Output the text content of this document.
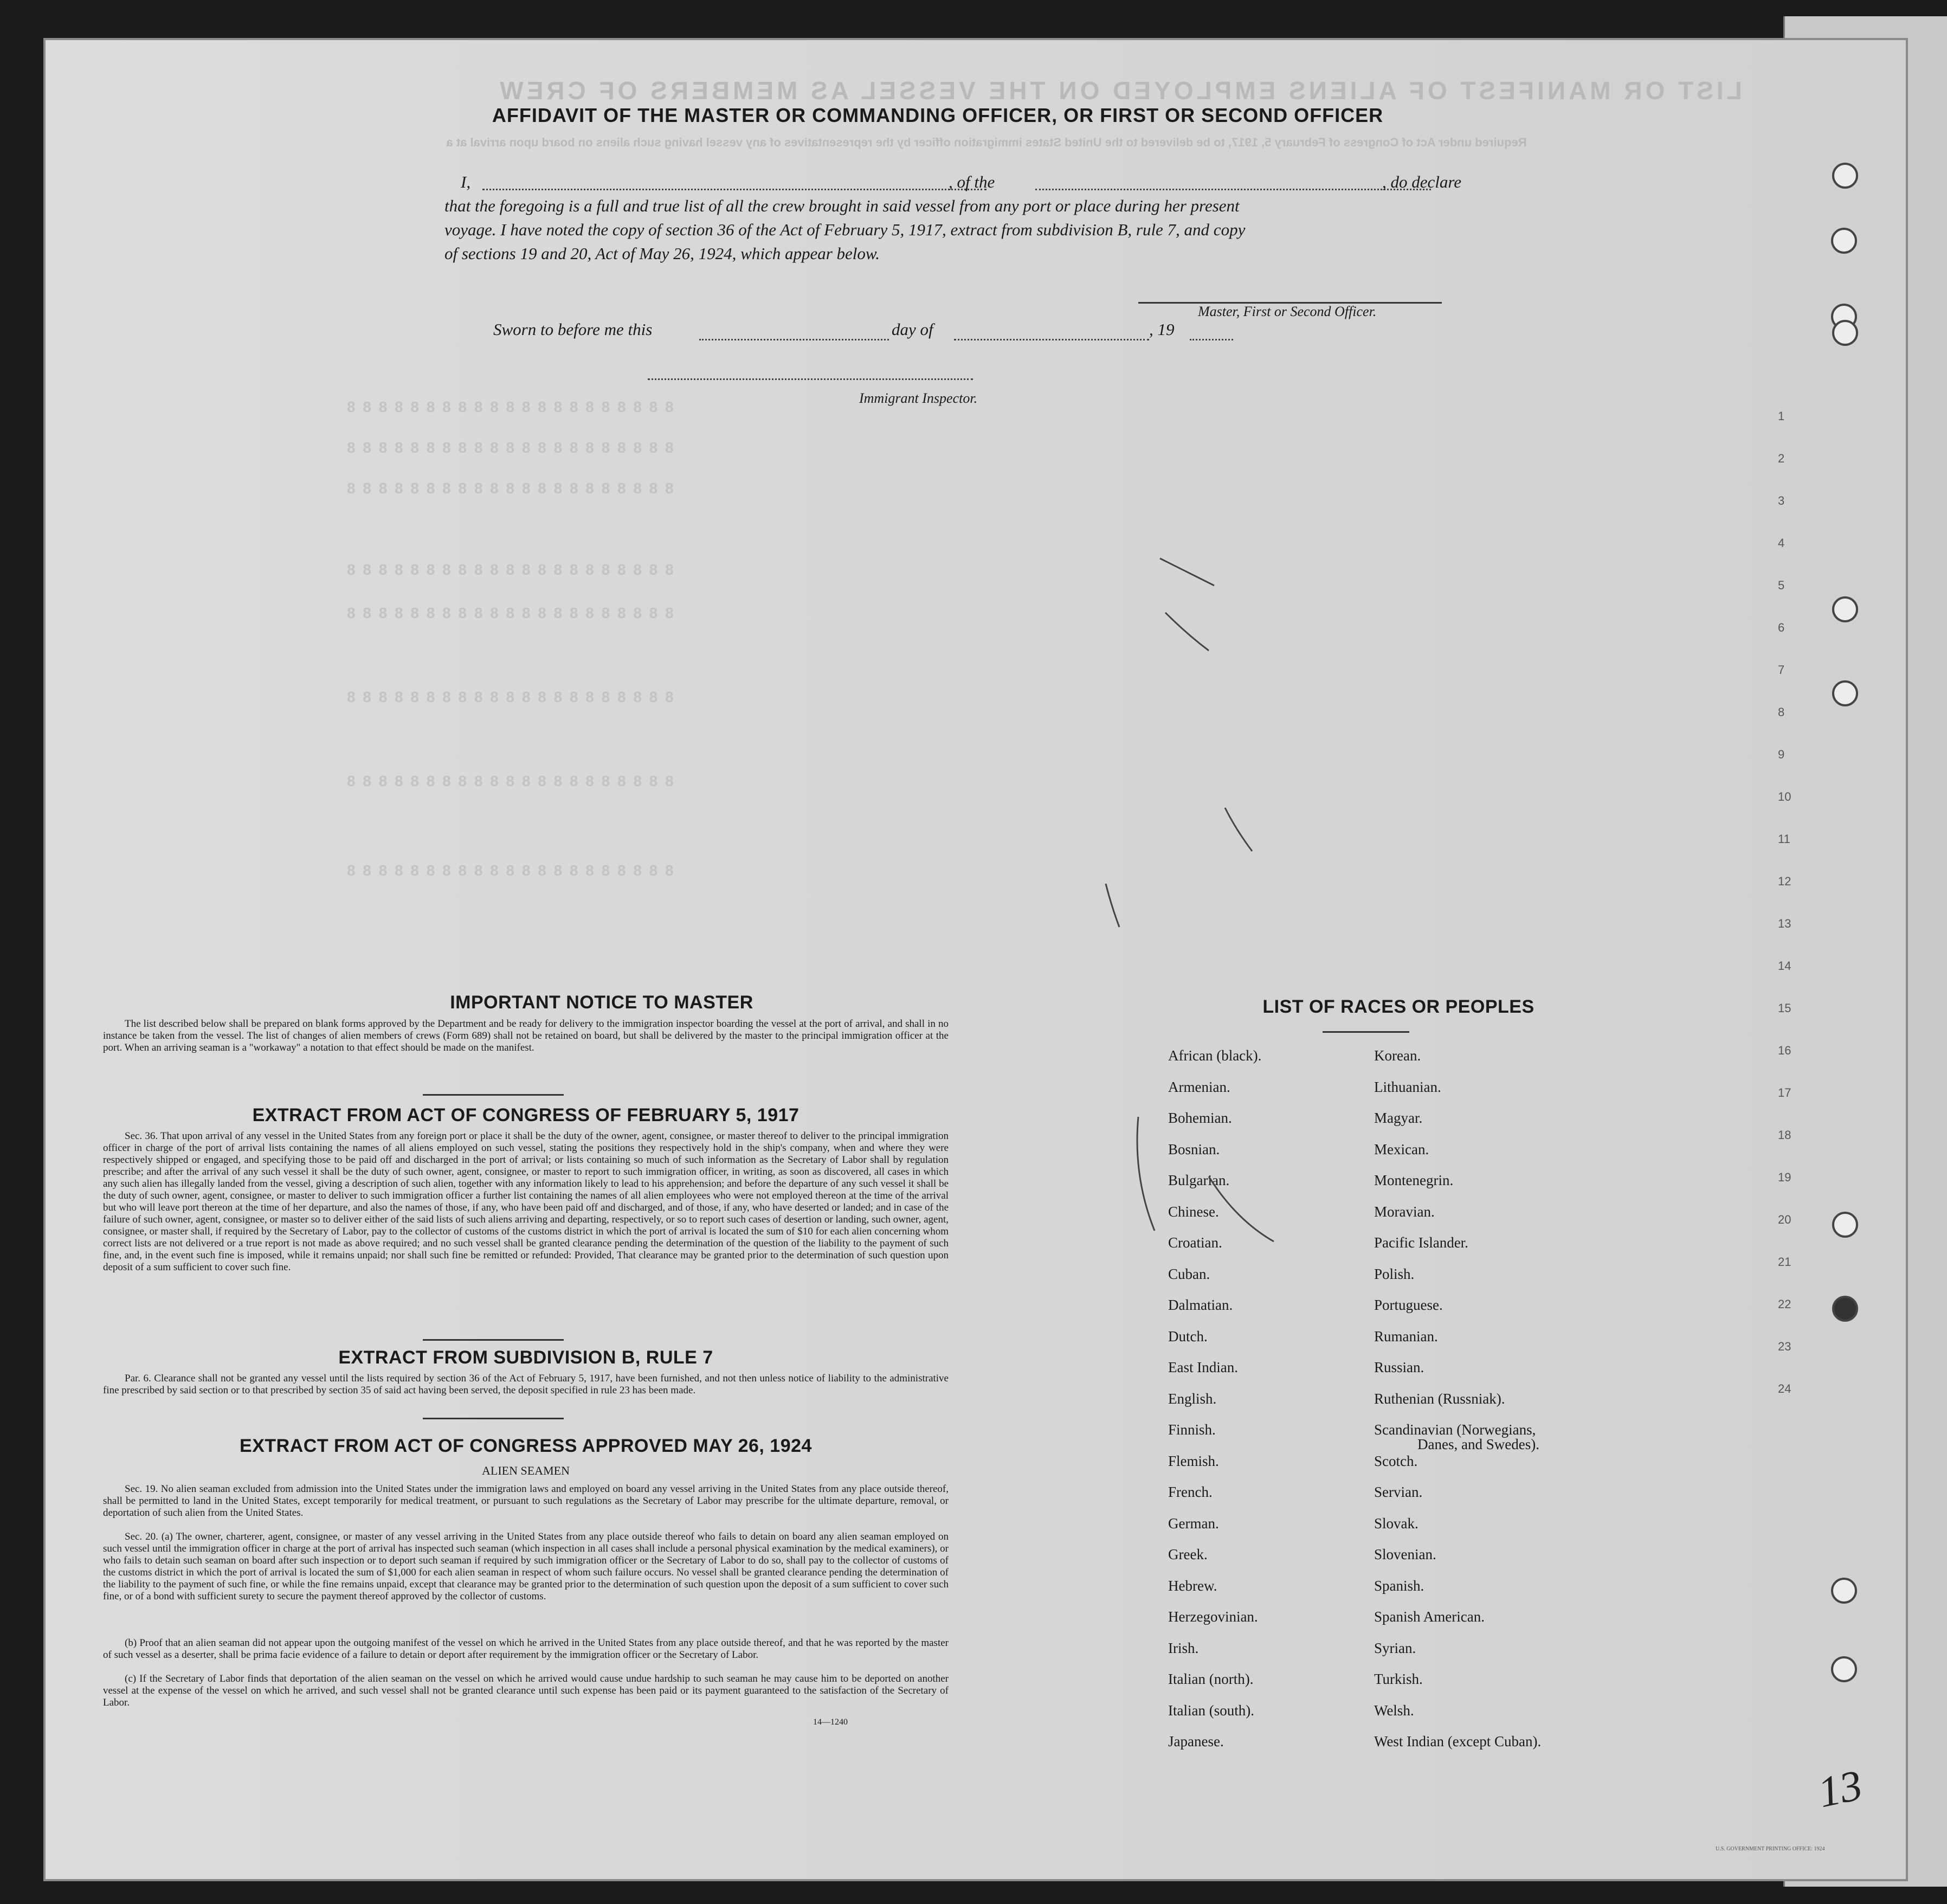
LIST OR MANIFEST OF ALIENS EMPLOYED ON THE VESSEL AS MEMBERS OF CREW
Required under Act of Congress of February 5, 1917, to be delivered to the United States immigration officer by the representatives of any vessel having such aliens on board upon arrival at a
AFFIDAVIT OF THE MASTER OR COMMANDING OFFICER, OR FIRST OR SECOND OFFICER
I,	, of the	, do declare
that the foregoing is a full and true list of all the crew brought in said vessel from any port or place during her present
voyage. I have noted the copy of section 36 of the Act of February 5, 1917, extract from subdivision B, rule 7, and copy
of sections 19 and 20, Act of May 26, 1924, which appear below.
Master, First or Second Officer.
Sworn to before me this	day of	, 19
Immigrant Inspector.
8 8 8 8 8 8 8 8 8 8 8 8 8 8 8 8 8 8 8 8 8
8 8 8 8 8 8 8 8 8 8 8 8 8 8 8 8 8 8 8 8 8
8 8 8 8 8 8 8 8 8 8 8 8 8 8 8 8 8 8 8 8 8
8 8 8 8 8 8 8 8 8 8 8 8 8 8 8 8 8 8 8 8 8
8 8 8 8 8 8 8 8 8 8 8 8 8 8 8 8 8 8 8 8 8
8 8 8 8 8 8 8 8 8 8 8 8 8 8 8 8 8 8 8 8 8
8 8 8 8 8 8 8 8 8 8 8 8 8 8 8 8 8 8 8 8 8
8 8 8 8 8 8 8 8 8 8 8 8 8 8 8 8 8 8 8 8 8
1
2
3
4
5
6
7
8
9
10
11
12
13
14
15
16
17
18
19
20
21
22
23
24
IMPORTANT NOTICE TO MASTER

The list described below shall be prepared on blank forms approved by the Department and be ready for delivery to the immigration inspector boarding the vessel at the port of arrival, and shall in no instance be taken from the vessel. The list of changes of alien members of crews (Form 689) shall not be retained on board, but shall be delivered by the master to the principal immigration officer at the port. When an arriving seaman is a "workaway" a notation to that effect should be made on the manifest.

EXTRACT FROM ACT OF CONGRESS OF FEBRUARY 5, 1917

Sec. 36. That upon arrival of any vessel in the United States from any foreign port or place it shall be the duty of the owner, agent, consignee, or master thereof to deliver to the principal immigration officer in charge of the port of arrival lists containing the names of all aliens employed on such vessel, stating the positions they respectively hold in the ship's company, when and where they were respectively shipped or engaged, and specifying those to be paid off and discharged in the port of arrival; or lists containing so much of such information as the Secretary of Labor shall by regulation prescribe; and after the arrival of any such vessel it shall be the duty of such owner, agent, consignee, or master to report to such immigration officer, in writing, as soon as discovered, all cases in which any such alien has illegally landed from the vessel, giving a description of such alien, together with any information likely to lead to his apprehension; and before the departure of any such vessel it shall be the duty of such owner, agent, consignee, or master to deliver to such immigration officer a further list containing the names of all alien employees who were not employed thereon at the time of the arrival but who will leave port thereon at the time of her departure, and also the names of those, if any, who have been paid off and discharged, and of those, if any, who have deserted or landed; and in case of the failure of such owner, agent, consignee, or master so to deliver either of the said lists of such aliens arriving and departing, respectively, or so to report such cases of desertion or landing, such owner, agent, consignee, or master shall, if required by the Secretary of Labor, pay to the collector of customs of the customs district in which the port of arrival is located the sum of $10 for each alien concerning whom correct lists are not delivered or a true report is not made as above required; and no such vessel shall be granted clearance pending the determination of the question of the liability to the payment of such fine, and, in the event such fine is imposed, while it remains unpaid; nor shall such fine be remitted or refunded: Provided, That clearance may be granted prior to the determination of such question upon deposit of a sum sufficient to cover such fine.

EXTRACT FROM SUBDIVISION B, RULE 7

Par. 6. Clearance shall not be granted any vessel until the lists required by section 36 of the Act of February 5, 1917, have been furnished, and not then unless notice of liability to the administrative fine prescribed by said section or to that prescribed by section 35 of said act having been served, the deposit specified in rule 23 has been made.

EXTRACT FROM ACT OF CONGRESS APPROVED MAY 26, 1924
ALIEN SEAMEN

Sec. 19. No alien seaman excluded from admission into the United States under the immigration laws and employed on board any vessel arriving in the United States from any place outside thereof, shall be permitted to land in the United States, except temporarily for medical treatment, or pursuant to such regulations as the Secretary of Labor may prescribe for the ultimate departure, removal, or deportation of such alien from the United States.

Sec. 20. (a) The owner, charterer, agent, consignee, or master of any vessel arriving in the United States from any place outside thereof who fails to detain on board any alien seaman employed on such vessel until the immigration officer in charge at the port of arrival has inspected such seaman (which inspection in all cases shall include a personal physical examination by the medical examiners), or who fails to detain such seaman on board after such inspection or to deport such seaman if required by such immigration officer or the Secretary of Labor to do so, shall pay to the collector of customs of the customs district in which the port of arrival is located the sum of $1,000 for each alien seaman in respect of whom such failure occurs. No vessel shall be granted clearance pending the determination of the liability to the payment of such fine, or while the fine remains unpaid, except that clearance may be granted prior to the determination of such question upon the deposit of a sum sufficient to cover such fine, or of a bond with sufficient surety to secure the payment thereof approved by the collector of customs.

(b) Proof that an alien seaman did not appear upon the outgoing manifest of the vessel on which he arrived in the United States from any place outside thereof, and that he was reported by the master of such vessel as a deserter, shall be prima facie evidence of a failure to detain or deport after requirement by the immigration officer or the Secretary of Labor.

(c) If the Secretary of Labor finds that deportation of the alien seaman on the vessel on which he arrived would cause undue hardship to such seaman he may cause him to be deported on another vessel at the expense of the vessel on which he arrived, and such vessel shall not be granted clearance until such expense has been paid or its payment guaranteed to the satisfaction of the Secretary of Labor.

14—1240
LIST OF RACES OR PEOPLES
African (black).
Armenian.
Bohemian.
Bosnian.
Bulgarian.
Chinese.
Croatian.
Cuban.
Dalmatian.
Dutch.
East Indian.
English.
Finnish.
Flemish.
French.
German.
Greek.
Hebrew.
Herzegovinian.
Irish.
Italian (north).
Italian (south).
Japanese.
Korean.
Lithuanian.
Magyar.
Mexican.
Montenegrin.
Moravian.
Pacific Islander.
Polish.
Portuguese.
Rumanian.
Russian.
Ruthenian (Russniak).
Scandinavian (Norwegians,
Danes, and Swedes).
Scotch.
Servian.
Slovak.
Slovenian.
Spanish.
Spanish American.
Syrian.
Turkish.
Welsh.
West Indian (except Cuban).
13
U.S. GOVERNMENT PRINTING OFFICE: 1924
